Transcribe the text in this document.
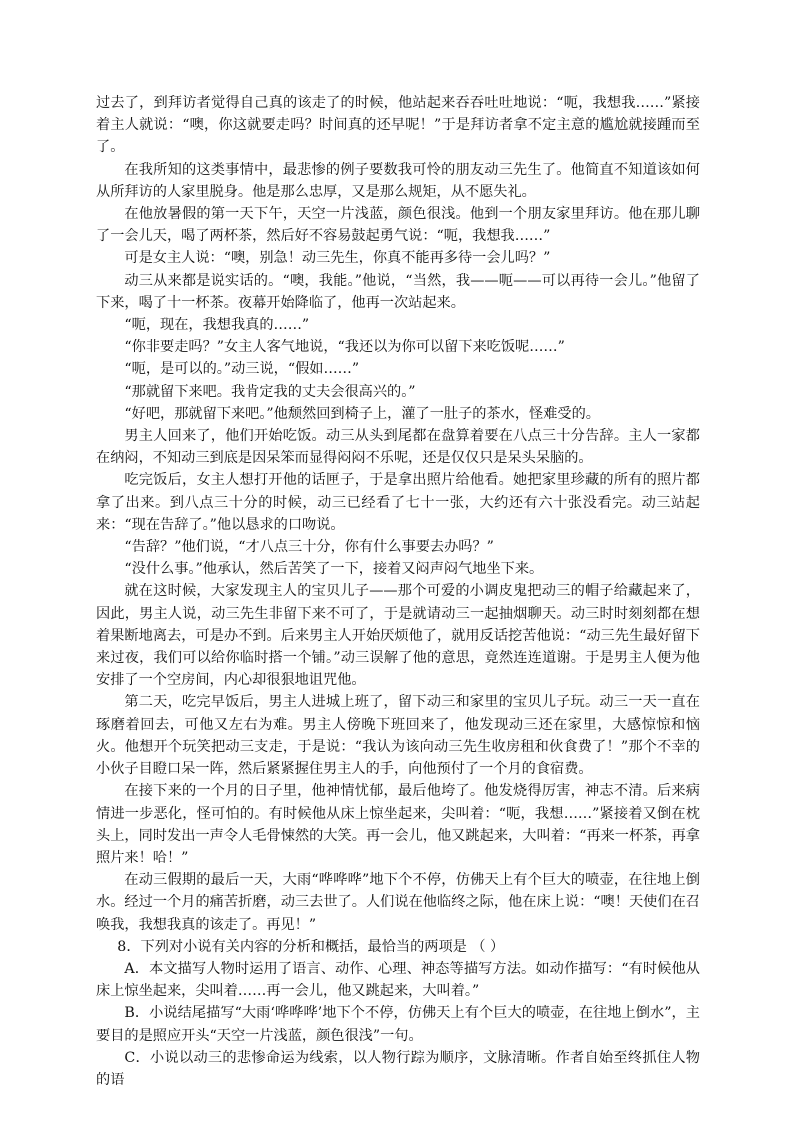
过去了，到拜访者觉得自己真的该走了的时候，他站起来吞吞吐吐地说：“呃，我想我……”紧接着主人就说：“噢，你这就要走吗？时间真的还早呢！”于是拜访者拿不定主意的尴尬就接踵而至了。

在我所知的这类事情中，最悲惨的例子要数我可怜的朋友动三先生了。他简直不知道该如何从所拜访的人家里脱身。他是那么忠厚，又是那么规矩，从不愿失礼。

在他放暑假的第一天下午，天空一片浅蓝，颜色很浅。他到一个朋友家里拜访。他在那儿聊了一会儿天，喝了两杯茶，然后好不容易鼓起勇气说：“呃，我想我……”

可是女主人说：“噢，别急！动三先生，你真不能再多待一会儿吗？”

动三从来都是说实话的。“噢，我能。”他说，“当然，我——呃——可以再待一会儿。”他留了下来，喝了十一杯茶。夜幕开始降临了，他再一次站起来。

“呃，现在，我想我真的……”

“你非要走吗？”女主人客气地说，“我还以为你可以留下来吃饭呢……”

“呃，是可以的。”动三说，“假如……”

“那就留下来吧。我肯定我的丈夫会很高兴的。”

“好吧，那就留下来吧。”他颓然回到椅子上，灌了一肚子的茶水，怪难受的。

男主人回来了，他们开始吃饭。动三从头到尾都在盘算着要在八点三十分告辞。主人一家都在纳闷，不知动三到底是因呆笨而显得闷闷不乐呢，还是仅仅只是呆头呆脑的。

吃完饭后，女主人想打开他的话匣子，于是拿出照片给他看。她把家里珍藏的所有的照片都拿了出来。到八点三十分的时候，动三已经看了七十一张，大约还有六十张没看完。动三站起来：“现在告辞了。”他以恳求的口吻说。

“告辞？”他们说，“才八点三十分，你有什么事要去办吗？”

“没什么事。”他承认，然后苦笑了一下，接着又闷声闷气地坐下来。

就在这时候，大家发现主人的宝贝儿子——那个可爱的小调皮鬼把动三的帽子给藏起来了，因此，男主人说，动三先生非留下来不可了，于是就请动三一起抽烟聊天。动三时时刻刻都在想着果断地离去，可是办不到。后来男主人开始厌烦他了，就用反话挖苦他说：“动三先生最好留下来过夜，我们可以给你临时搭一个铺。”动三误解了他的意思，竟然连连道谢。于是男主人便为他安排了一个空房间，内心却很狠地诅咒他。

第二天，吃完早饭后，男主人进城上班了，留下动三和家里的宝贝儿子玩。动三一天一直在琢磨着回去，可他又左右为难。男主人傍晚下班回来了，他发现动三还在家里，大感惊惊和恼火。他想开个玩笑把动三支走，于是说：“我认为该向动三先生收房租和伙食费了！”那个不幸的小伙子目瞪口呆一阵，然后紧紧握住男主人的手，向他预付了一个月的食宿费。

在接下来的一个月的日子里，他神情忧郁，最后他垮了。他发烧得厉害，神志不清。后来病情进一步恶化，怪可怕的。有时候他从床上惊坐起来，尖叫着：“呃，我想……”紧接着又倒在枕头上，同时发出一声令人毛骨悚然的大笑。再一会儿，他又跳起来，大叫着：“再来一杯茶，再拿照片来！哈！”

在动三假期的最后一天，大雨“哗哗哗”地下个不停，仿佛天上有个巨大的喷壶，在往地上倒水。经过一个月的痛苦折磨，动三去世了。人们说在他临终之际，他在床上说：“噢！天使们在召唤我，我想我真的该走了。再见！”

8．下列对小说有关内容的分析和概括，最恰当的两项是 （ ）

A．本文描写人物时运用了语言、动作、心理、神态等描写方法。如动作描写：“有时候他从床上惊坐起来，尖叫着……再一会儿，他又跳起来，大叫着。”

B．小说结尾描写“大雨‘哗哗哗’地下个不停，仿佛天上有个巨大的喷壶，在往地上倒水”，主要目的是照应开头“天空一片浅蓝，颜色很浅”一句。

C．小说以动三的悲惨命运为线索，以人物行踪为顺序，文脉清晰。作者自始至终抓住人物的语
